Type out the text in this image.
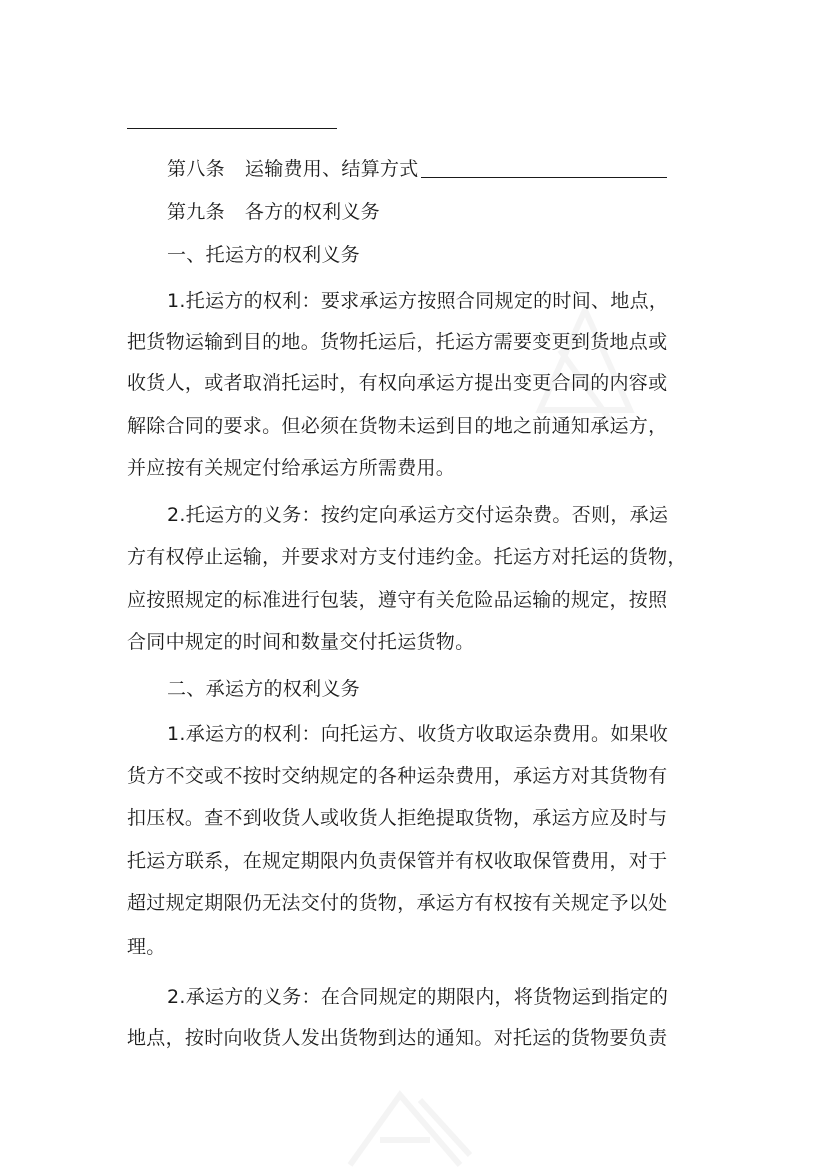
第八条 运输费用、结算方式
第九条 各方的权利义务
一、托运方的权利义务
1.托运方的权利：要求承运方按照合同规定的时间、地点，
把货物运输到目的地。货物托运后，托运方需要变更到货地点或
收货人，或者取消托运时，有权向承运方提出变更合同的内容或
解除合同的要求。但必须在货物未运到目的地之前通知承运方，
并应按有关规定付给承运方所需费用。
2.托运方的义务：按约定向承运方交付运杂费。否则，承运
方有权停止运输，并要求对方支付违约金。托运方对托运的货物，
应按照规定的标准进行包装，遵守有关危险品运输的规定，按照
合同中规定的时间和数量交付托运货物。
二、承运方的权利义务
1.承运方的权利：向托运方、收货方收取运杂费用。如果收
货方不交或不按时交纳规定的各种运杂费用，承运方对其货物有
扣压权。查不到收货人或收货人拒绝提取货物，承运方应及时与
托运方联系，在规定期限内负责保管并有权收取保管费用，对于
超过规定期限仍无法交付的货物，承运方有权按有关规定予以处
理。
2.承运方的义务：在合同规定的期限内，将货物运到指定的
地点，按时向收货人发出货物到达的通知。对托运的货物要负责
